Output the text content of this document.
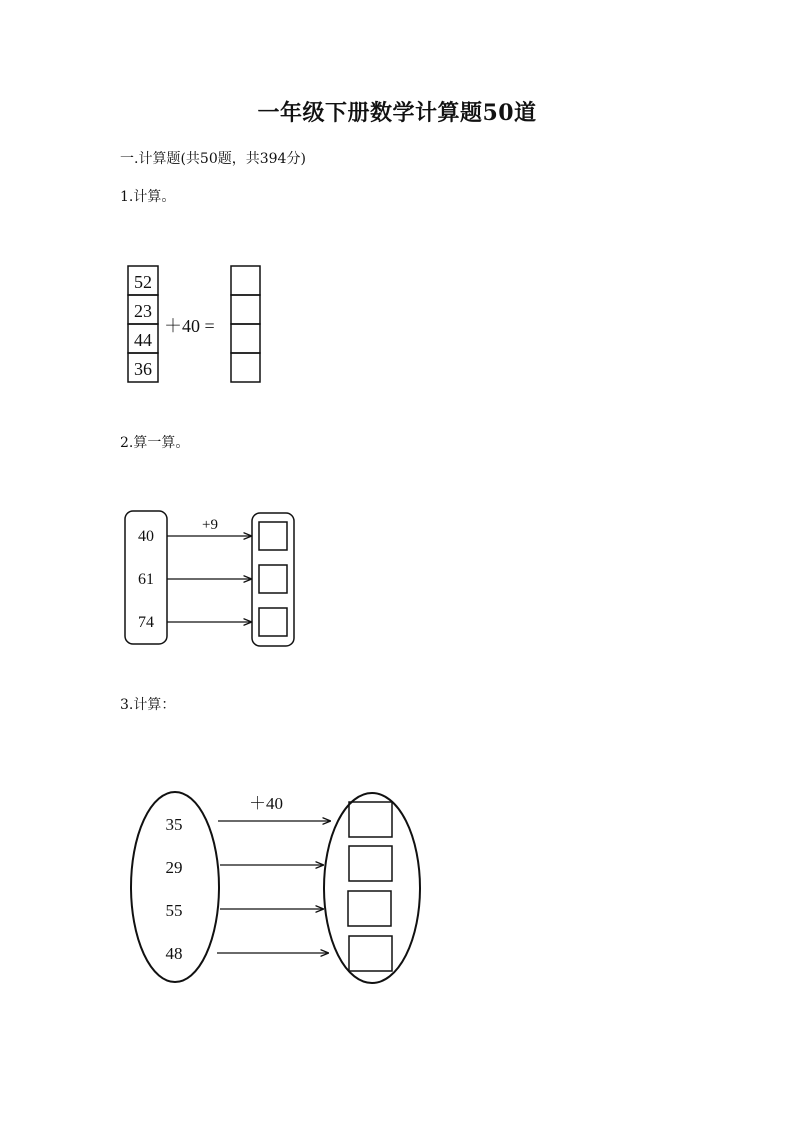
一年级下册数学计算题50道
一.计算题(共50题，共394分)
1.计算。
52
23
44
36
＋40 =
2.算一算。
40
61
74
+9
3.计算：
35
29
55
48
＋40
